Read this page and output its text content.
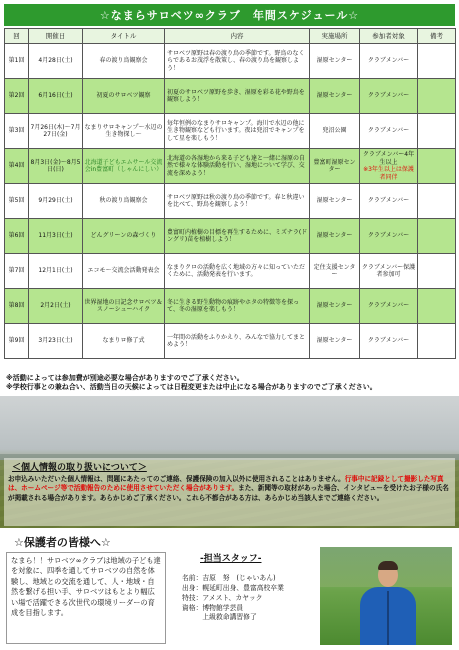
☆なまらサロベツ∞クラブ　年間スケジュール☆
回	開催日	タイトル	内容	実施場所	参加者対象	備考
第1回	4月28日(土)	春の渡り鳥観察会	サロベツ原野は春の渡り鳥の季節です。野鳥のなくらであるお茂浮を散策し、春の渡り鳥を観察しよう！	湿原センター	クラブメンバー	
第2回	6月16日(土)	初夏のサロベツ観察	初夏のサロベツ原野を歩き、湿原を彩る花や野鳥を観察しよう！	湿原センター	クラブメンバー	
第3回	7月26日(木)〜7月27日(金)	なまりサロキャンプ〜水辺の生き物探し〜	毎年恒例のなまりサロキャンプ。海川で水辺の他に生き物観察なども行います。夜は兜沼でキャンプをして星を楽しもう！	兜沼公園	クラブメンバー	
第4回	8月3日(金)〜8月5日(日)	北海道子どもエムサール交流会in豊富町（しゃんにしい）	北海道の各湿地から来る子ども達と一緒に湿原の自然で様々な体験活動を行い、湿地について学び、交流を深めよう！	豊富町湿原センター	クラブメンバー4年生以上
※3年生以上は保護者同伴	

第5回	9月29日(土)	秋の渡り鳥観察会	サロベツ原野は秋の渡り鳥の季節です。春と秋違いを比べて、野鳥を観察しよう！	湿原センター	クラブメンバー	
第6回	11月3日(土)	どんグリーンの森づくり	豊富町内植樹の目標を再生するために、ミズナラ(ドングリ)苗を植樹しよう！	湿原センター	クラブメンバー	
第7回	12月1日(土)	エコモ〜交流会活動発表会	なまりクロの活動を広く地域の方々に知っていただくために、活動発表を行います。	定住支援センター	クラブメンバー保護者参加可	
第8回	2月2日(土)	世界湿地の日記念サロベツ＆スノーシューハイク	冬に生きる野生動物の痕跡やホタの特徴等を探って、冬の湿原を楽しもう！	湿原センター	クラブメンバー	
第9回	3月23日(土)	なまりロ修了式	一年間の活動をふりかえり、みんなで協力してまとめよう！	湿原センター	クラブメンバー	
※活動によっては参加費が別途必要な場合がありますのでご了承ください。
※学校行事との兼ね合い、活動当日の天候によっては日程変更または中止になる場合がありますのでご了承ください。
＜個人情報の取り扱いについて＞
お申込みいただいた個人情報は、問題にあたってのご連絡、保護保険の加入以外に使用されることはありません。行事中に記録として撮影した写真は、ホームページ等で活動報告のために使用させていただく場合があります。また、新聞等の取材があった場合、インタビューを受けたお子様の氏名が掲載される場合があります。あらかじめご了承ください。これら不都合がある方は、あらかじめ当該人までご連絡ください。
☆保護者の皆様へ☆
なまら！！サロベツ∞クラブは地域の子ども達を対象に、四季を通してサロベツの自然を体験し、地域との交流を通して、人・地域・自然を繋げる担い手、サロベツはもとより幅広い場で活躍できる次世代の環境リーダーの育成を目指します。
-担当スタッフ-
名前：吉原　努　(じゃいあん)
出身：幌延町出身、豊富高校卒業
特技：アメスト、カヤック
資格：博物館学芸員
　　　上級救命講習修了
